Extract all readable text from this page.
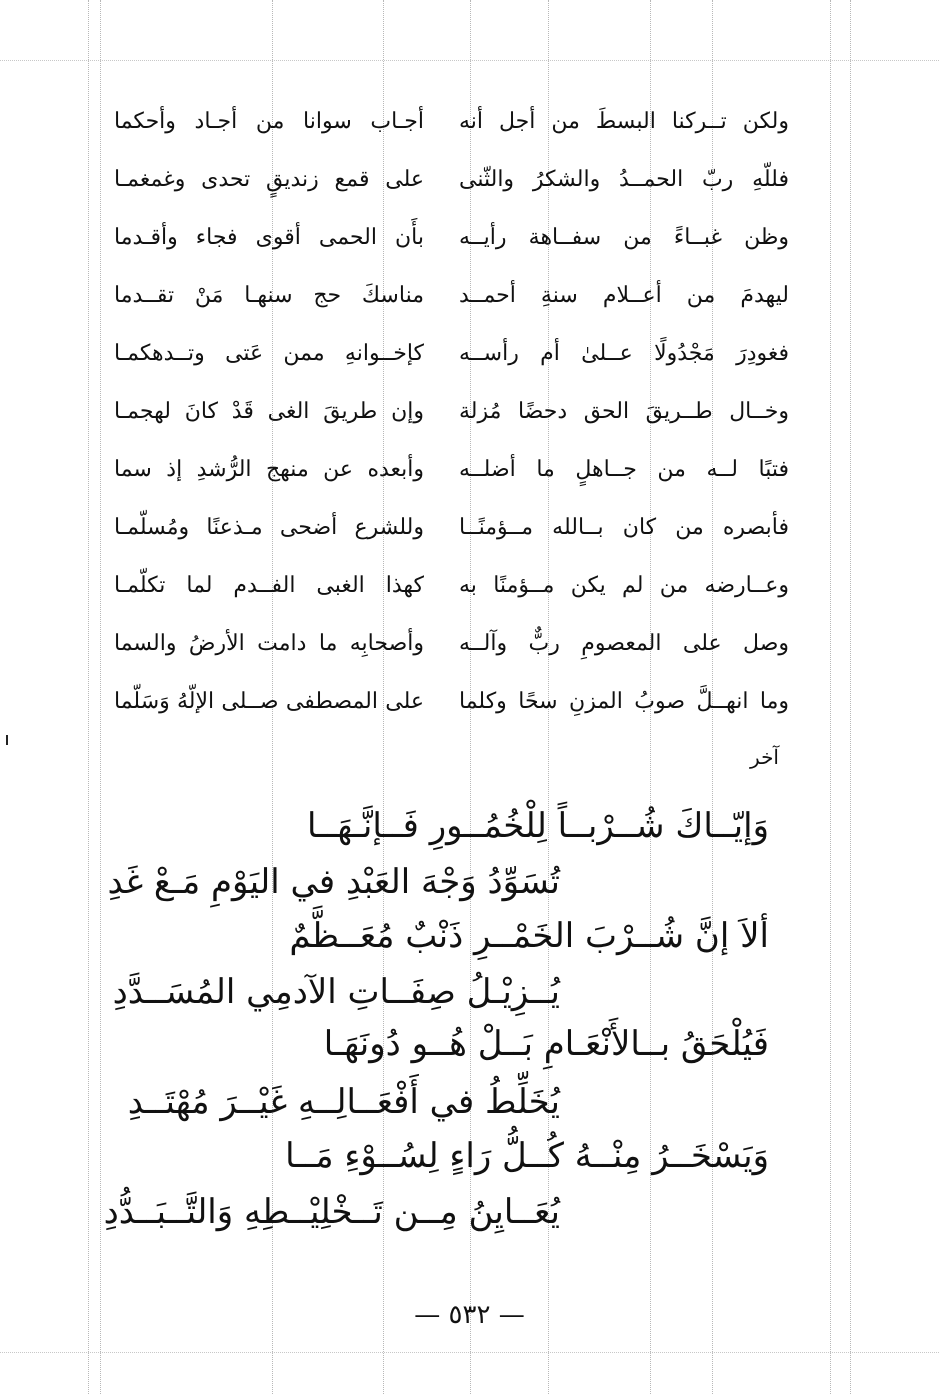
ولكن تــركنا البسطَ من أجل أنه
أجـاب سوانا من أجـاد وأحكما
فللّهِ ربّ الحمــدُ والشكرُ والثّنى
على قمع زنديقٍ تحدى وغمغمـا
وظن غبــاءً من سفــاهة رأيــه
بأَن الحمى أقوى فجاء وأقـدما
ليهدمَ من أعــلام سنةِ أحمــد
مناسكَ حج سنهـا مَنْ تقــدما
فغودِرَ مَجْدُولًا عــلىٰ أم رأســه
كإخــوانهِ ممن عَتى وتــدهكمـا
وخــال طــريقَ الحق دحضًا مُزلة
وإن طريقَ الغى قَدْ كانَ لهجمـا
فتبًا لــه من جــاهلٍ ما أضلــه
وأبعده عن منهج الرُّشدِ إذ سما
فأبصره من كان بــالله مــؤمنًــا
وللشرع أضحى مـذعنًا ومُسلّمـا
وعــارضه من لم يكن مــؤمنًا به
كهذا الغبى الفــدم لما تكلّمـا
وصل على المعصومِ ربٌّ وآلــه
وأصحابِه ما دامت الأرضُ والسما
وما انهــلَّ صوبُ المزنِ سحًا وكلما
على المصطفى صــلى الإلّهُ وَسَلّما
آخر
وَإيّــاكَ شُــرْبــاً لِلْخُمُــورِ فَــإنَّـهَــا
تُسَوِّدُ وَجْهَ العَبْدِ في اليَوْمِ مَـعْ غَدِ
ألاَ إنَّ شُــرْبَ الخَمْــرِ ذَنْبٌ مُعَــظَّمٌ
يُــزِيْـلُ صِفَــاتِ الآدمِي المُسَــدَّدِ
فَيُلْحَقُ بــالأَنْعَـامِ بَــلْ هُــو دُونَهَـا
يُخَلِّطُ في أَفْعَــالِــهِ غَيْــرَ مُهْتَــدِ
وَيَسْخَــرُ مِنْــهُ كُــلُّ رَاءٍ لِسُــوْءِ مَــا
يُعَــايِنُ مِــن تَــخْلِيْــطِهِ وَالتَّــبَــدُّدِ
— ٥٣٢ —
